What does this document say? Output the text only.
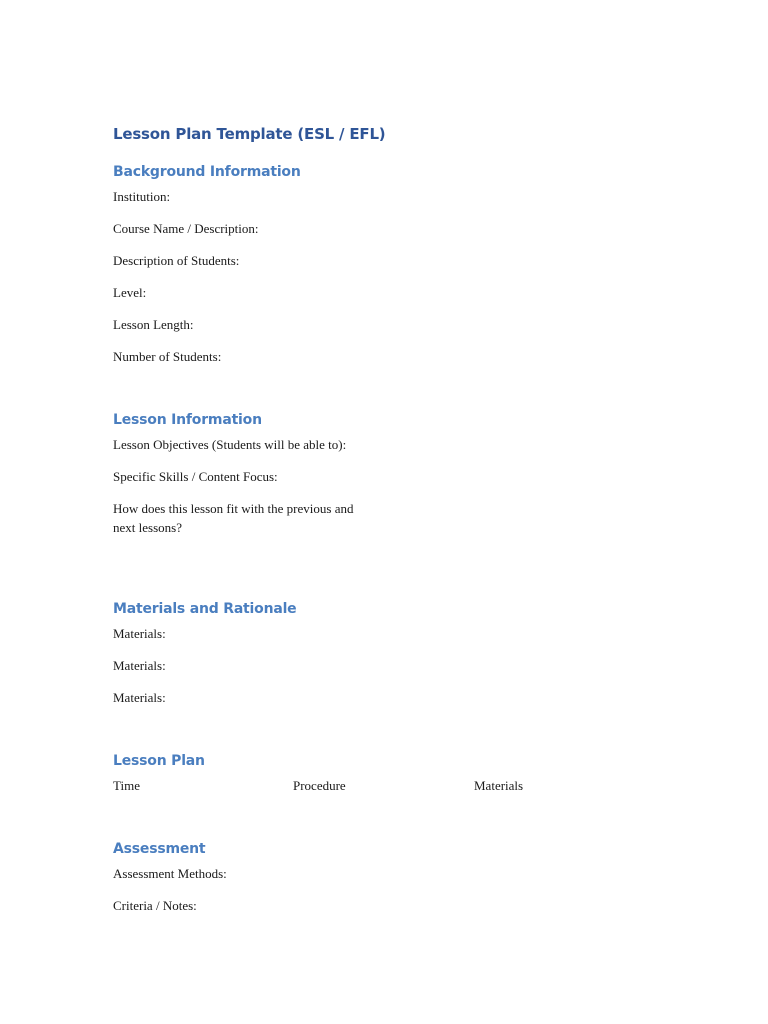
Lesson Plan Template (ESL / EFL)
Background Information
Institution:
Course Name / Description:
Description of Students:
Level:
Lesson Length:
Number of Students:
Lesson Information
Lesson Objectives (Students will be able to):
Specific Skills / Content Focus:
How does this lesson fit with the previous and next lessons?
Materials and Rationale
Materials:
Materials:
Materials:
Lesson Plan
Time	Procedure	Materials
Assessment
Assessment Methods:
Criteria / Notes:
